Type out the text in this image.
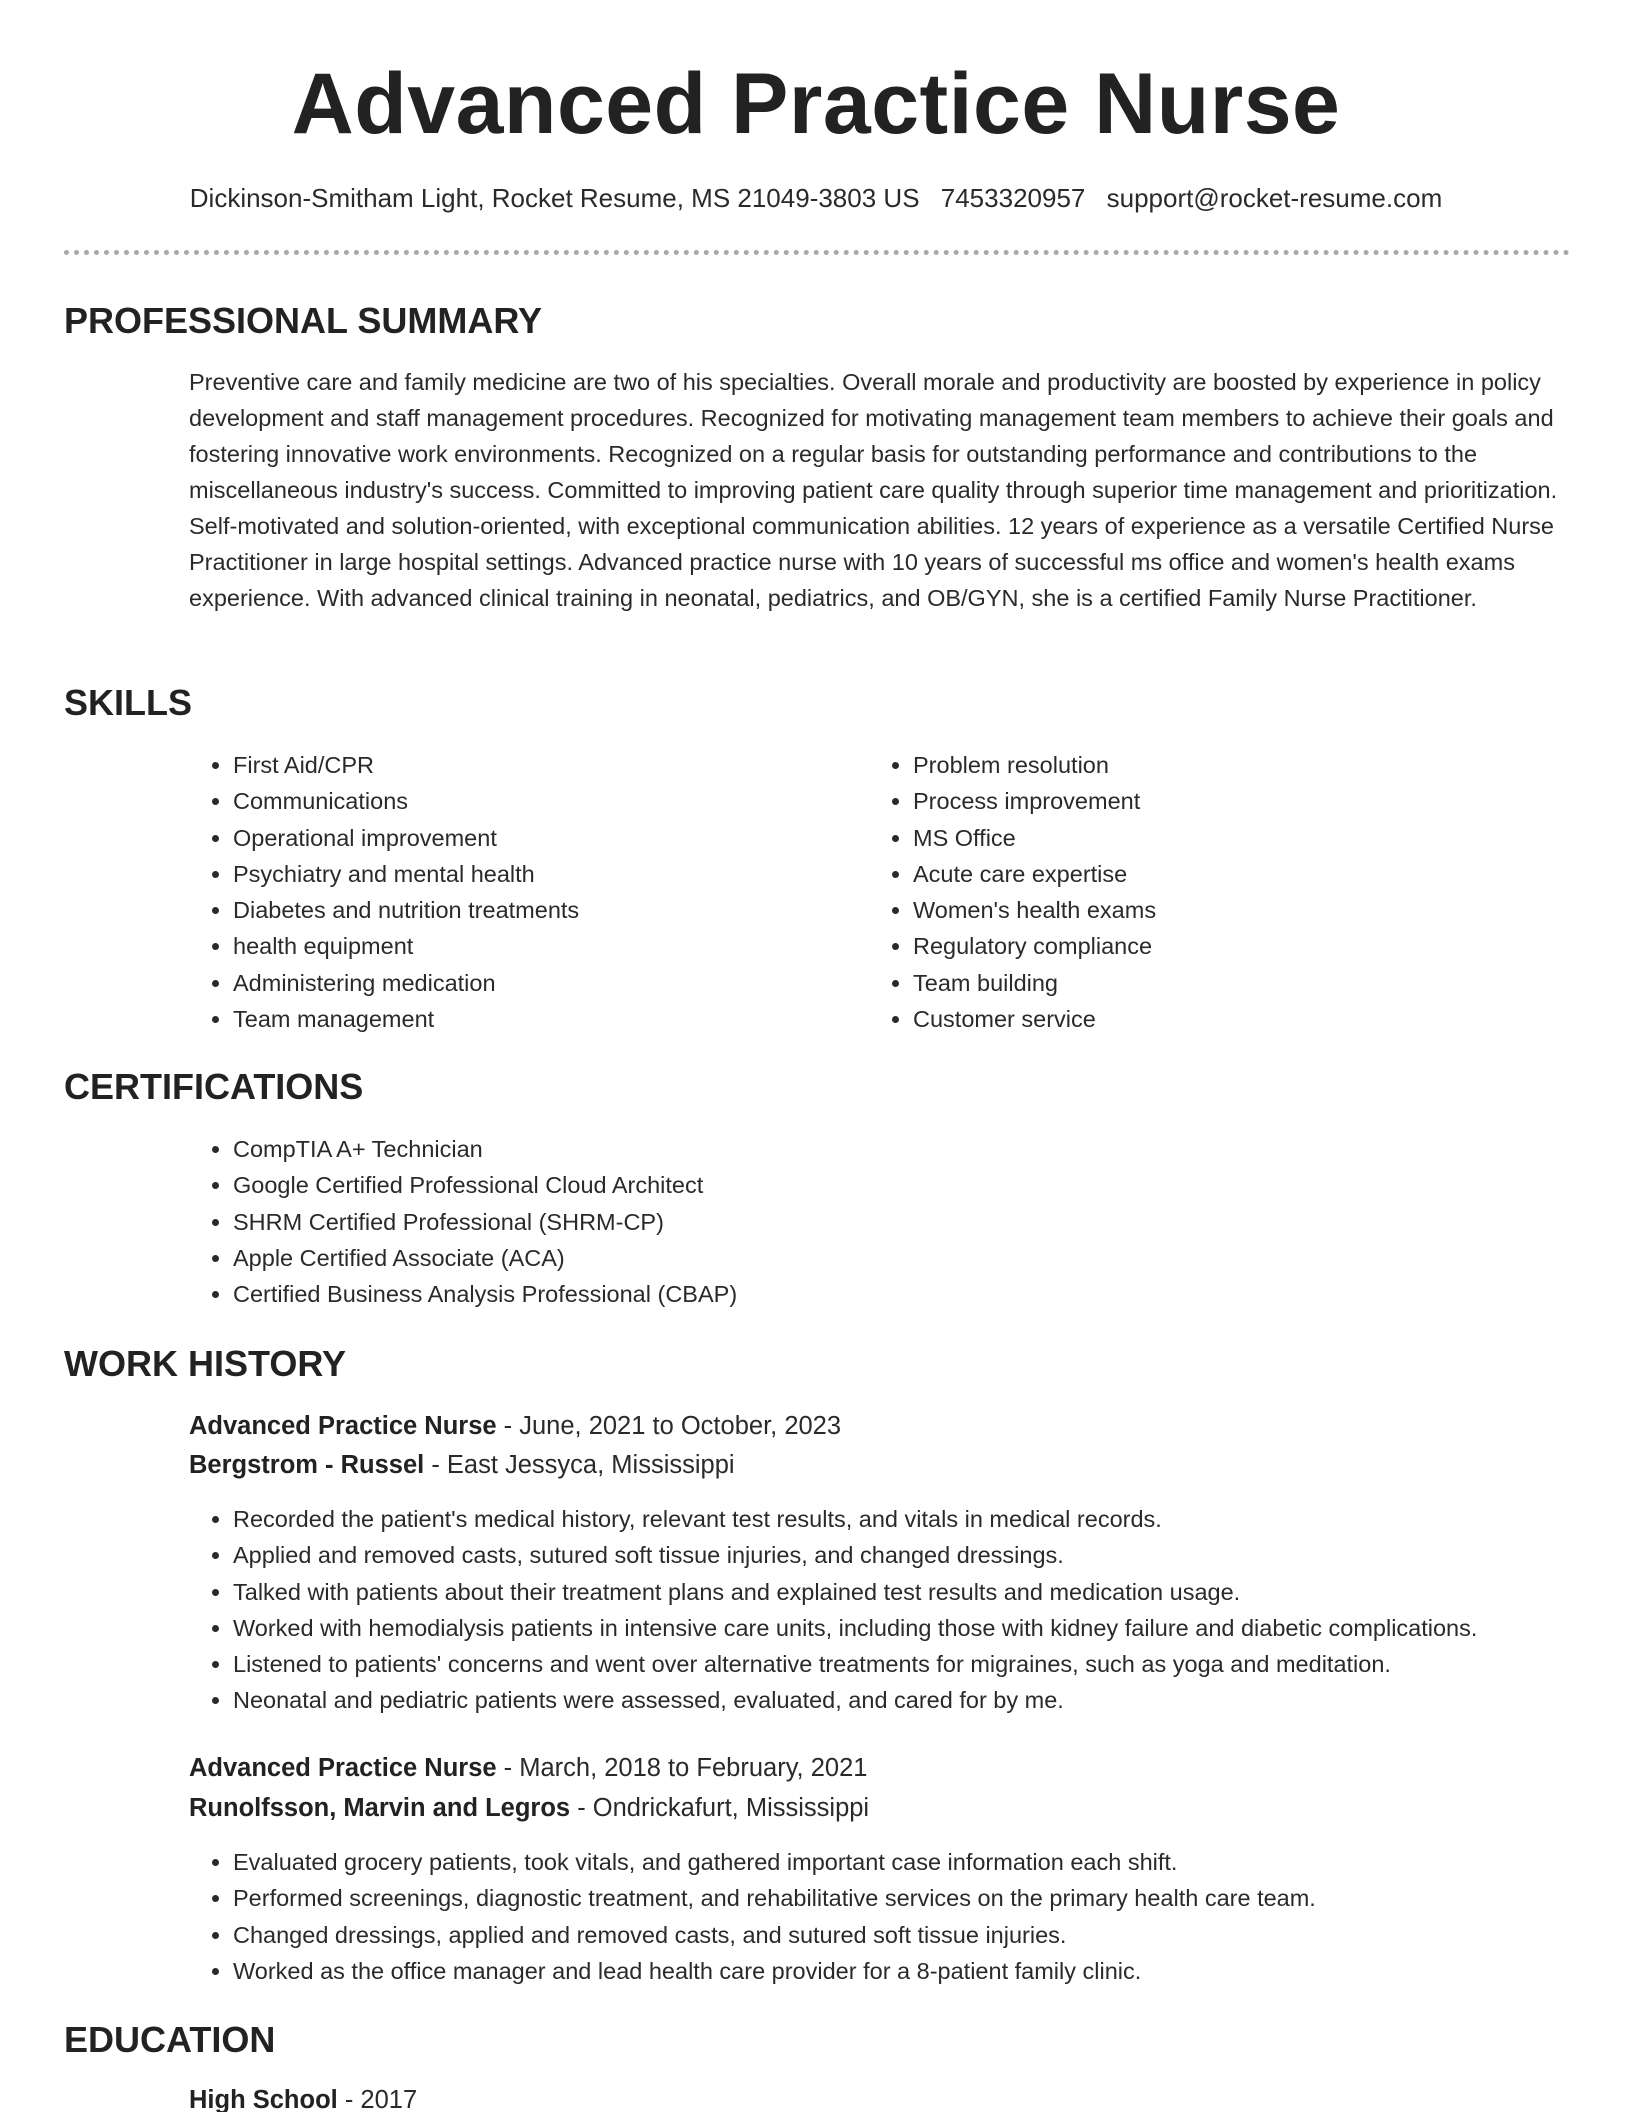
Advanced Practice Nurse
Dickinson-Smitham Light, Rocket Resume, MS 21049-3803 US 7453320957 support@rocket-resume.com
PROFESSIONAL SUMMARY

Preventive care and family medicine are two of his specialties. Overall morale and productivity are boosted by experience in policy development and staff management procedures. Recognized for motivating management team members to achieve their goals and fostering innovative work environments. Recognized on a regular basis for outstanding performance and contributions to the miscellaneous industry's success. Committed to improving patient care quality through superior time management and prioritization. Self-motivated and solution-oriented, with exceptional communication abilities. 12 years of experience as a versatile Certified Nurse Practitioner in large hospital settings. Advanced practice nurse with 10 years of successful ms office and women's health exams experience. With advanced clinical training in neonatal, pediatrics, and OB/GYN, she is a certified Family Nurse Practitioner.

SKILLS
• First Aid/CPR
• Communications
• Operational improvement
• Psychiatry and mental health
• Diabetes and nutrition treatments
• health equipment
• Administering medication
• Team management
• Problem resolution
• Process improvement
• MS Office
• Acute care expertise
• Women's health exams
• Regulatory compliance
• Team building
• Customer service
CERTIFICATIONS
• CompTIA A+ Technician
• Google Certified Professional Cloud Architect
• SHRM Certified Professional (SHRM-CP)
• Apple Certified Associate (ACA)
• Certified Business Analysis Professional (CBAP)
WORK HISTORY

Advanced Practice Nurse - June, 2021 to October, 2023

Bergstrom - Russel - East Jessyca, Mississippi

• Recorded the patient's medical history, relevant test results, and vitals in medical records.
• Applied and removed casts, sutured soft tissue injuries, and changed dressings.
• Talked with patients about their treatment plans and explained test results and medication usage.
• Worked with hemodialysis patients in intensive care units, including those with kidney failure and diabetic complications.
• Listened to patients' concerns and went over alternative treatments for migraines, such as yoga and meditation.
• Neonatal and pediatric patients were assessed, evaluated, and cared for by me.

Advanced Practice Nurse - March, 2018 to February, 2021

Runolfsson, Marvin and Legros - Ondrickafurt, Mississippi

• Evaluated grocery patients, took vitals, and gathered important case information each shift.
• Performed screenings, diagnostic treatment, and rehabilitative services on the primary health care team.
• Changed dressings, applied and removed casts, and sutured soft tissue injuries.
• Worked as the office manager and lead health care provider for a 8-patient family clinic.
EDUCATION

High School - 2017
